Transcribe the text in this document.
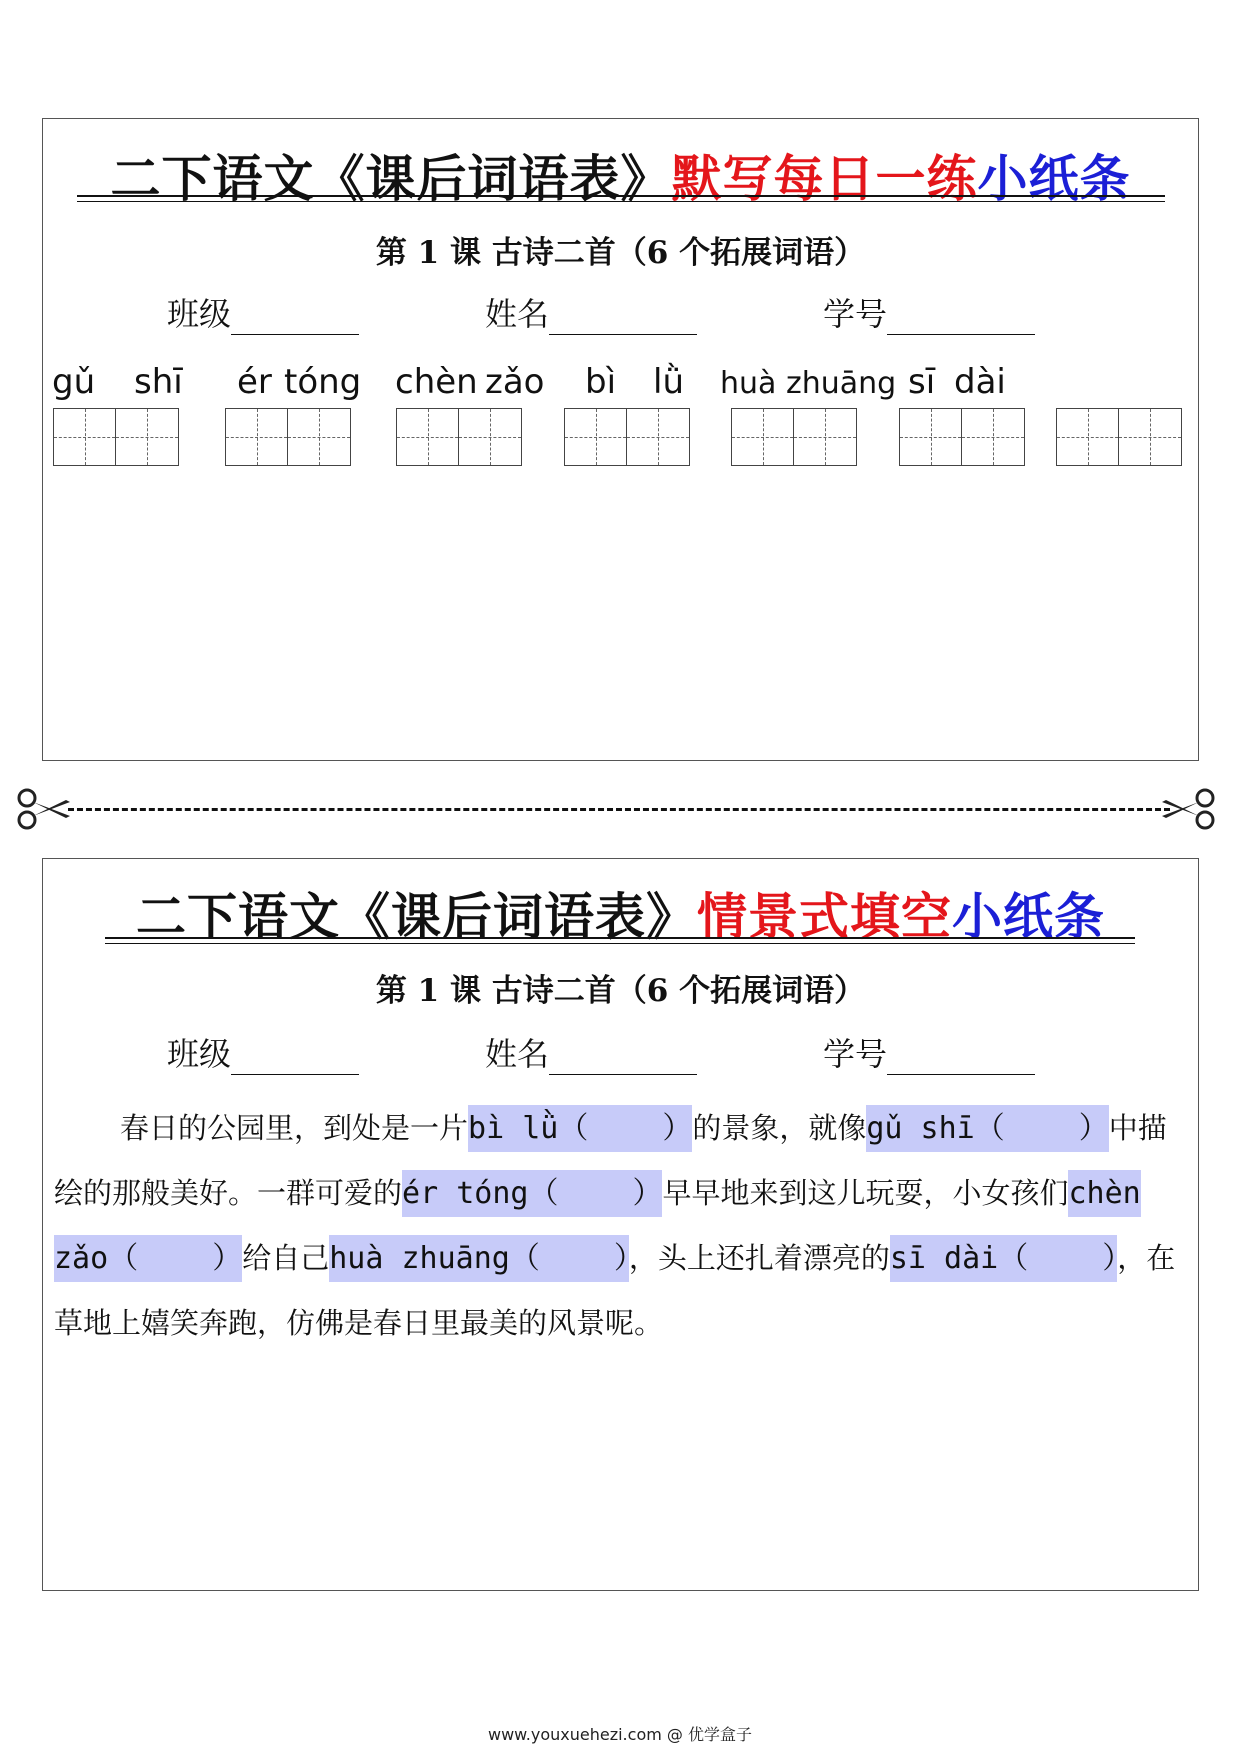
二下语文《课后词语表》默写每日一练小纸条
第 1 课 古诗二首（6 个拓展词语）
班级	姓名	学号
gǔ shī ér tóng chèn zǎo bì lǜ huà zhuāng sī dài
二下语文《课后词语表》情景式填空小纸条
第 1 课 古诗二首（6 个拓展词语）
班级	姓名	学号
春日的公园里，到处是一片bì lǜ（ ）的景象，就像gǔ shī（ ）中描绘的那般美好。一群可爱的ér tóng（ ）早早地来到这儿玩耍，小女孩们chèn zǎo（ ）给自己huà zhuāng（ ），头上还扎着漂亮的sī dài（ ），在草地上嬉笑奔跑，仿佛是春日里最美的风景呢。
www.youxuehezi.com @ 优学盒子
